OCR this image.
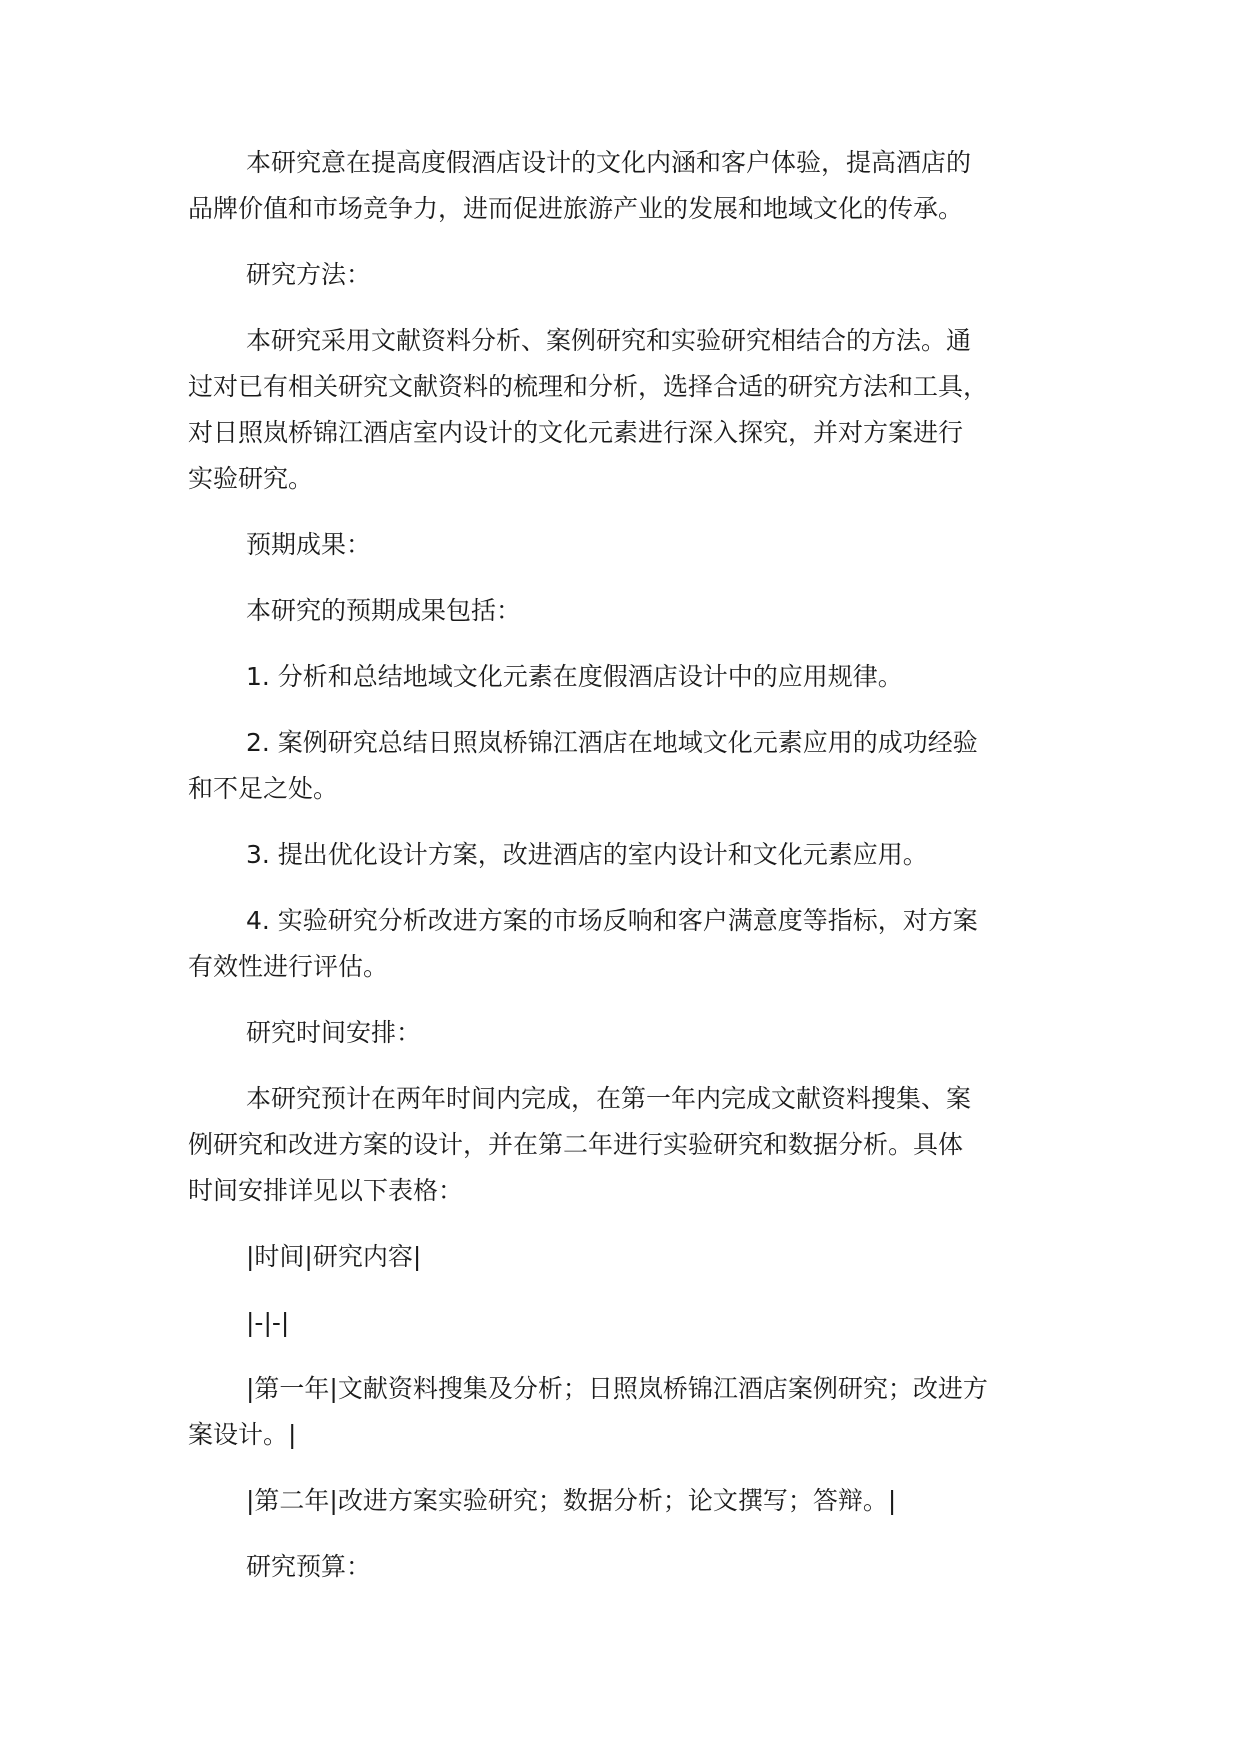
本研究意在提高度假酒店设计的文化内涵和客户体验，提高酒店的
品牌价值和市场竞争力，进而促进旅游产业的发展和地域文化的传承。

研究方法：

本研究采用文献资料分析、案例研究和实验研究相结合的方法。通
过对已有相关研究文献资料的梳理和分析，选择合适的研究方法和工具，
对日照岚桥锦江酒店室内设计的文化元素进行深入探究，并对方案进行
实验研究。

预期成果：

本研究的预期成果包括：

1. 分析和总结地域文化元素在度假酒店设计中的应用规律。

2. 案例研究总结日照岚桥锦江酒店在地域文化元素应用的成功经验
和不足之处。

3. 提出优化设计方案，改进酒店的室内设计和文化元素应用。

4. 实验研究分析改进方案的市场反响和客户满意度等指标，对方案
有效性进行评估。

研究时间安排：

本研究预计在两年时间内完成，在第一年内完成文献资料搜集、案
例研究和改进方案的设计，并在第二年进行实验研究和数据分析。具体
时间安排详见以下表格：

|时间|研究内容|

|-|-|

|第一年|文献资料搜集及分析；日照岚桥锦江酒店案例研究；改进方
案设计。|

|第二年|改进方案实验研究；数据分析；论文撰写；答辩。|

研究预算：
